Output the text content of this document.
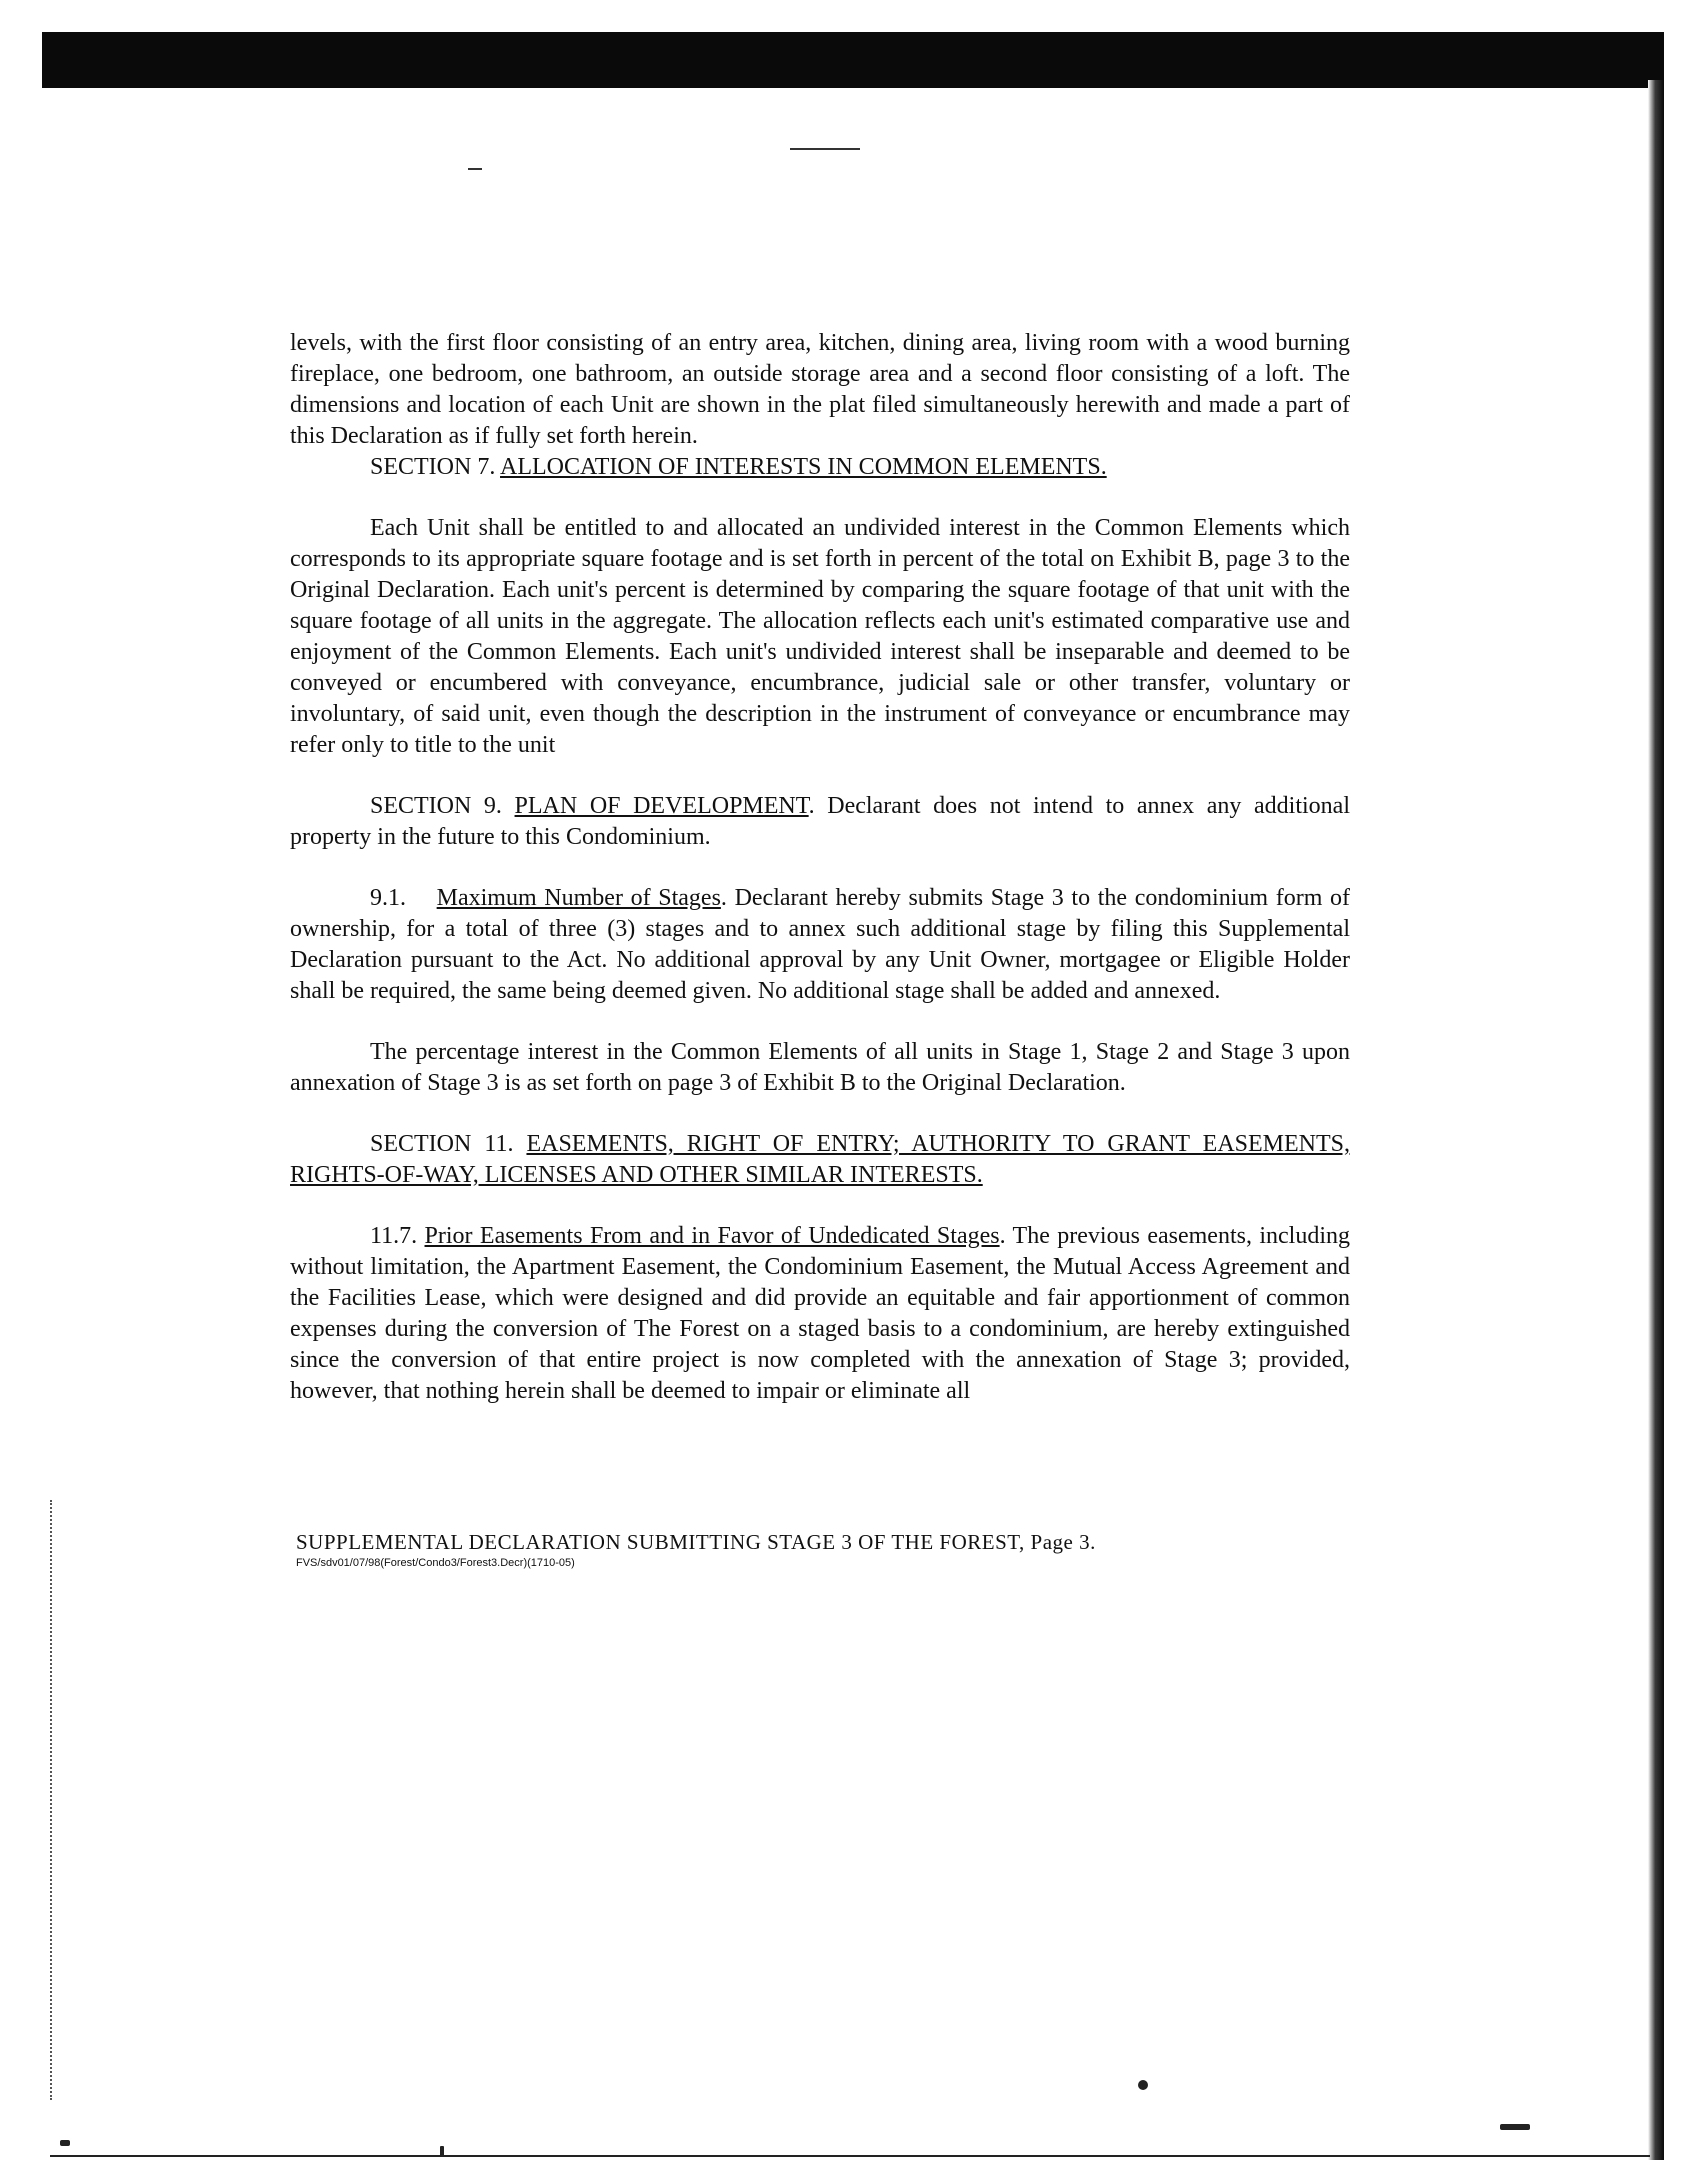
levels, with the first floor consisting of an entry area, kitchen, dining area, living room with a wood burning fireplace, one bedroom, one bathroom, an outside storage area and a second floor consisting of a loft. The dimensions and location of each Unit are shown in the plat filed simultaneously herewith and made a part of this Declaration as if fully set forth herein.

SECTION 7. ALLOCATION OF INTERESTS IN COMMON ELEMENTS.

Each Unit shall be entitled to and allocated an undivided interest in the Common Elements which corresponds to its appropriate square footage and is set forth in percent of the total on Exhibit B, page 3 to the Original Declaration. Each unit's percent is determined by comparing the square footage of that unit with the square footage of all units in the aggregate. The allocation reflects each unit's estimated comparative use and enjoyment of the Common Elements. Each unit's undivided interest shall be inseparable and deemed to be conveyed or encumbered with conveyance, encumbrance, judicial sale or other transfer, voluntary or involuntary, of said unit, even though the description in the instrument of conveyance or encumbrance may refer only to title to the unit

SECTION 9. PLAN OF DEVELOPMENT. Declarant does not intend to annex any additional property in the future to this Condominium.

9.1. Maximum Number of Stages. Declarant hereby submits Stage 3 to the condominium form of ownership, for a total of three (3) stages and to annex such additional stage by filing this Supplemental Declaration pursuant to the Act. No additional approval by any Unit Owner, mortgagee or Eligible Holder shall be required, the same being deemed given. No additional stage shall be added and annexed.

The percentage interest in the Common Elements of all units in Stage 1, Stage 2 and Stage 3 upon annexation of Stage 3 is as set forth on page 3 of Exhibit B to the Original Declaration.

SECTION 11. EASEMENTS, RIGHT OF ENTRY; AUTHORITY TO GRANT EASEMENTS, RIGHTS-OF-WAY, LICENSES AND OTHER SIMILAR INTERESTS.

11.7. Prior Easements From and in Favor of Undedicated Stages. The previous easements, including without limitation, the Apartment Easement, the Condominium Easement, the Mutual Access Agreement and the Facilities Lease, which were designed and did provide an equitable and fair apportionment of common expenses during the conversion of The Forest on a staged basis to a condominium, are hereby extinguished since the conversion of that entire project is now completed with the annexation of Stage 3; provided, however, that nothing herein shall be deemed to impair or eliminate all

SUPPLEMENTAL DECLARATION SUBMITTING STAGE 3 OF THE FOREST, Page 3.

FVS/sdv01/07/98(Forest/Condo3/Forest3.Decr)(1710-05)
